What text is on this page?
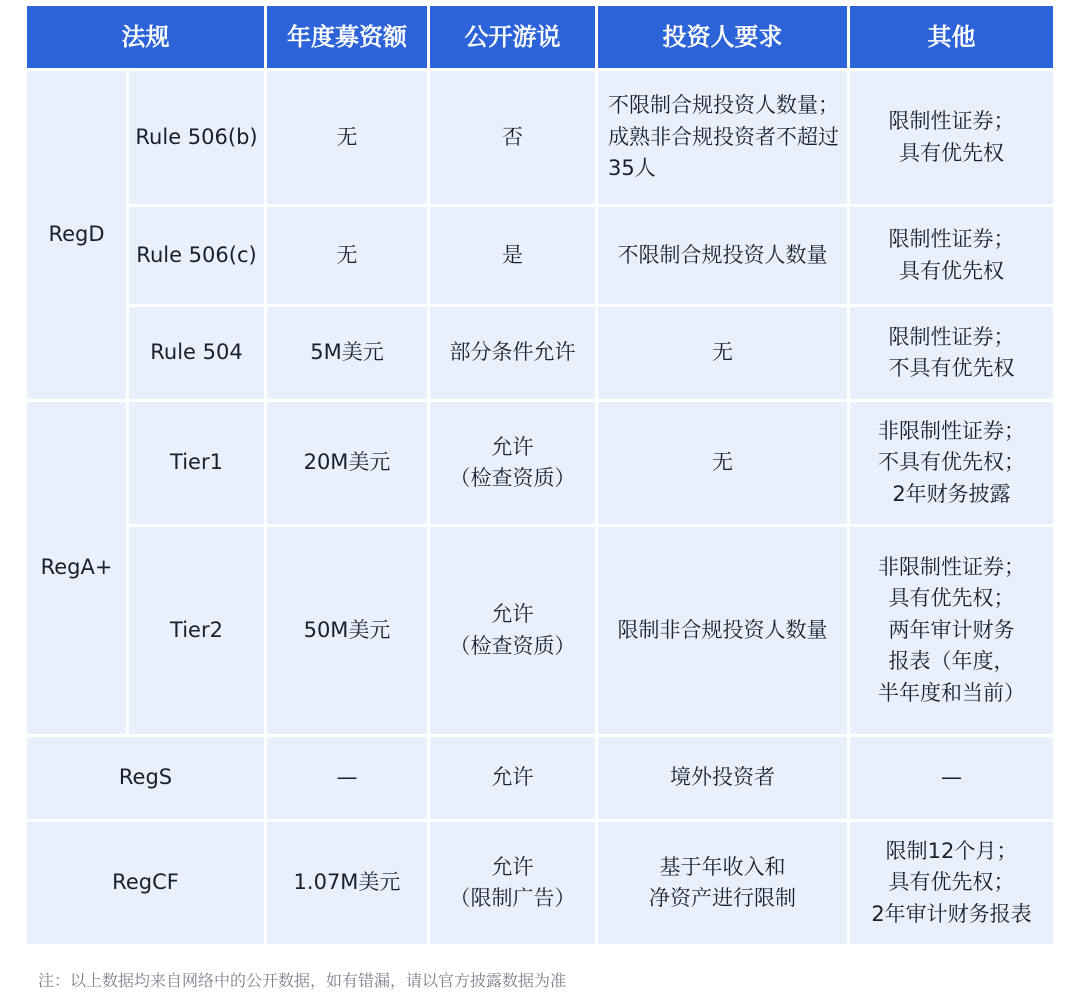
法规		年度募资额	公开游说	投资人要求	其他
RegD	Rule 506(b)	无	否	不限制合规投资人数量；
成熟非合规投资者不超过
35人	限制性证券；
具有优先权

	Rule 506(c)	无	是	不限制合规投资人数量	限制性证券；
具有优先权

	Rule 504	5M美元	部分条件允许	无	限制性证券；
不具有优先权

RegA+	Tier1	20M美元	允许
（检查资质）	无	非限制性证券；
不具有优先权；
2年财务披露

	Tier2	50M美元	允许
（检查资质）	限制非合规投资人数量	非限制性证券；
具有优先权；
两年审计财务
报表（年度，
半年度和当前）

RegS		—	允许	境外投资者	—
RegCF		1.07M美元	允许
（限制广告）	基于年收入和
净资产进行限制	限制12个月；
具有优先权；
2年审计财务报表
注：以上数据均来自网络中的公开数据，如有错漏，请以官方披露数据为准
